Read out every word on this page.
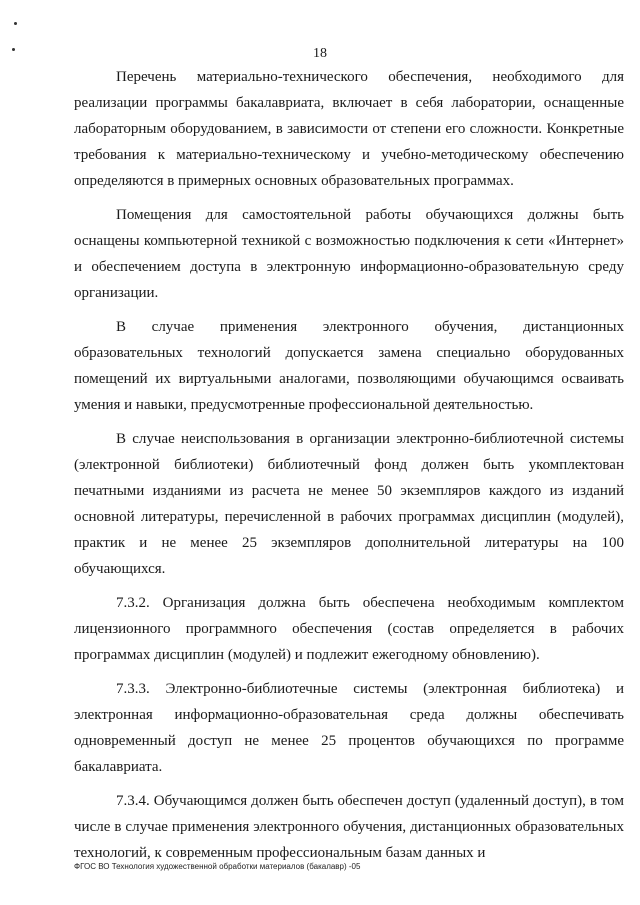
18

Перечень материально-технического обеспечения, необходимого для реализации программы бакалавриата, включает в себя лаборатории, оснащенные лабораторным оборудованием, в зависимости от степени его сложности. Конкретные требования к материально-техническому и учебно-методическому обеспечению определяются в примерных основных образовательных программах.

Помещения для самостоятельной работы обучающихся должны быть оснащены компьютерной техникой с возможностью подключения к сети «Интернет» и обеспечением доступа в электронную информационно-образовательную среду организации.

В случае применения электронного обучения, дистанционных образовательных технологий допускается замена специально оборудованных помещений их виртуальными аналогами, позволяющими обучающимся осваивать умения и навыки, предусмотренные профессиональной деятельностью.

В случае неиспользования в организации электронно-библиотечной системы (электронной библиотеки) библиотечный фонд должен быть укомплектован печатными изданиями из расчета не менее 50 экземпляров каждого из изданий основной литературы, перечисленной в рабочих программах дисциплин (модулей), практик и не менее 25 экземпляров дополнительной литературы на 100 обучающихся.

7.3.2. Организация должна быть обеспечена необходимым комплектом лицензионного программного обеспечения (состав определяется в рабочих программах дисциплин (модулей) и подлежит ежегодному обновлению).

7.3.3. Электронно-библиотечные системы (электронная библиотека) и электронная информационно-образовательная среда должны обеспечивать одновременный доступ не менее 25 процентов обучающихся по программе бакалавриата.

7.3.4. Обучающимся должен быть обеспечен доступ (удаленный доступ), в том числе в случае применения электронного обучения, дистанционных образовательных технологий, к современным профессиональным базам данных и

ФГОС ВО Технология художественной обработки материалов (бакалавр) -05
